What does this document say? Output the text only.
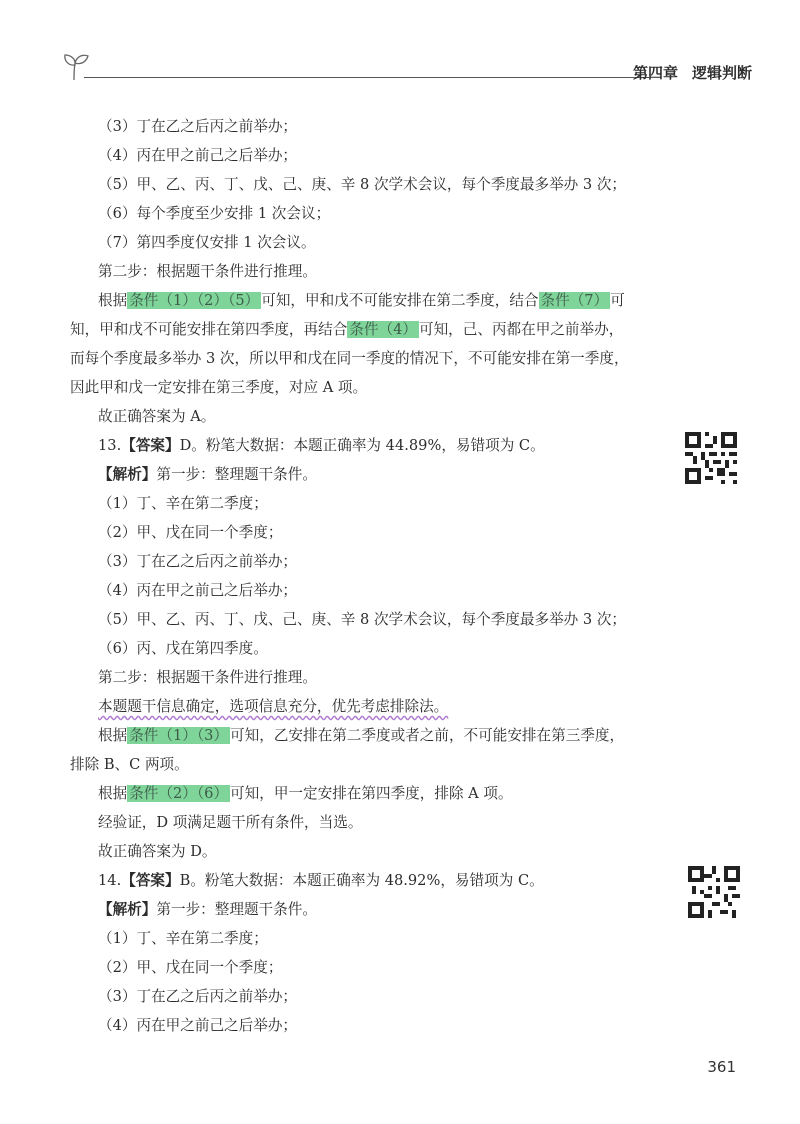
第四章 逻辑判断
（3）丁在乙之后丙之前举办；
（4）丙在甲之前己之后举办；
（5）甲、乙、丙、丁、戊、己、庚、辛 8 次学术会议，每个季度最多举办 3 次；
（6）每个季度至少安排 1 次会议；
（7）第四季度仅安排 1 次会议。
第二步：根据题干条件进行推理。
根据 条件（1）（2）（5） 可知，甲和戊不可能安排在第二季度，结合 条件（7） 可
知，甲和戊不可能安排在第四季度，再结合 条件（4） 可知，己、丙都在甲之前举办，
而每个季度最多举办 3 次，所以甲和戊在同一季度的情况下，不可能安排在第一季度，
因此甲和戊一定安排在第三季度，对应 A 项。
故正确答案为 A。
13.【答案】D。粉笔大数据：本题正确率为 44.89%，易错项为 C。
【解析】第一步：整理题干条件。
（1）丁、辛在第二季度；
（2）甲、戊在同一个季度；
（3）丁在乙之后丙之前举办；
（4）丙在甲之前己之后举办；
（5）甲、乙、丙、丁、戊、己、庚、辛 8 次学术会议，每个季度最多举办 3 次；
（6）丙、戊在第四季度。
第二步：根据题干条件进行推理。
本题题干信息确定，选项信息充分，优先考虑排除法。
根据 条件（1）（3） 可知，乙安排在第二季度或者之前，不可能安排在第三季度，
排除 B、C 两项。
根据 条件（2）（6） 可知，甲一定安排在第四季度，排除 A 项。
经验证，D 项满足题干所有条件，当选。
故正确答案为 D。
14.【答案】B。粉笔大数据：本题正确率为 48.92%，易错项为 C。
【解析】第一步：整理题干条件。
（1）丁、辛在第二季度；
（2）甲、戊在同一个季度；
（3）丁在乙之后丙之前举办；
（4）丙在甲之前己之后举办；
361
